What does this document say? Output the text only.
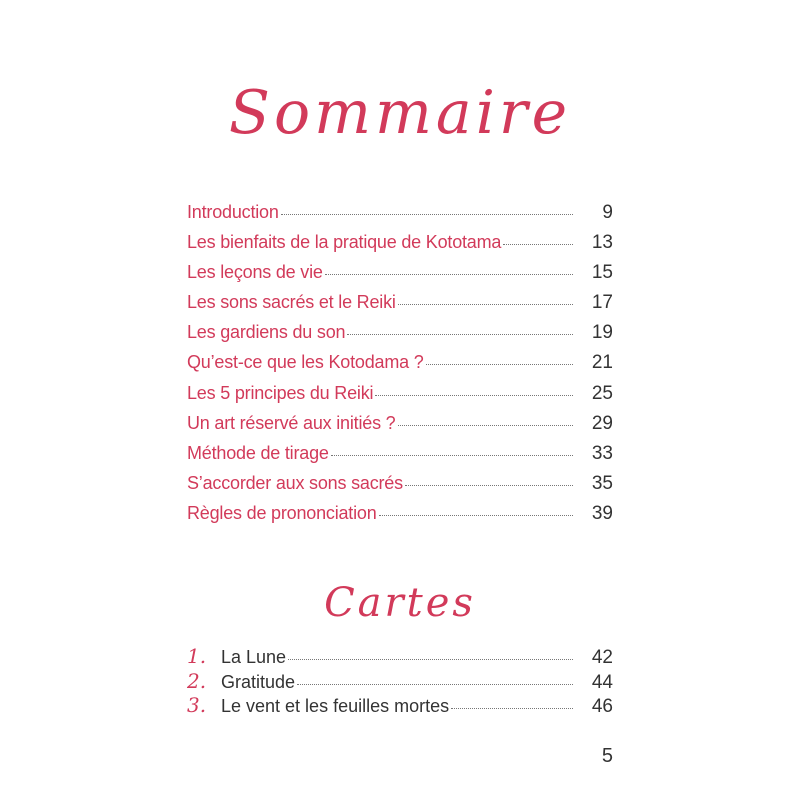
Sommaire
Introduction	9
Les bienfaits de la pratique de Kototama	13
Les leçons de vie	15
Les sons sacrés et le Reiki	17
Les gardiens du son	19
Qu’est-ce que les Kotodama ?	21
Les 5 principes du Reiki	25
Un art réservé aux initiés ?	29
Méthode de tirage	33
S’accorder aux sons sacrés	35
Règles de prononciation	39
Cartes
1. La Lune	42
2. Gratitude	44
3. Le vent et les feuilles mortes	46
5
